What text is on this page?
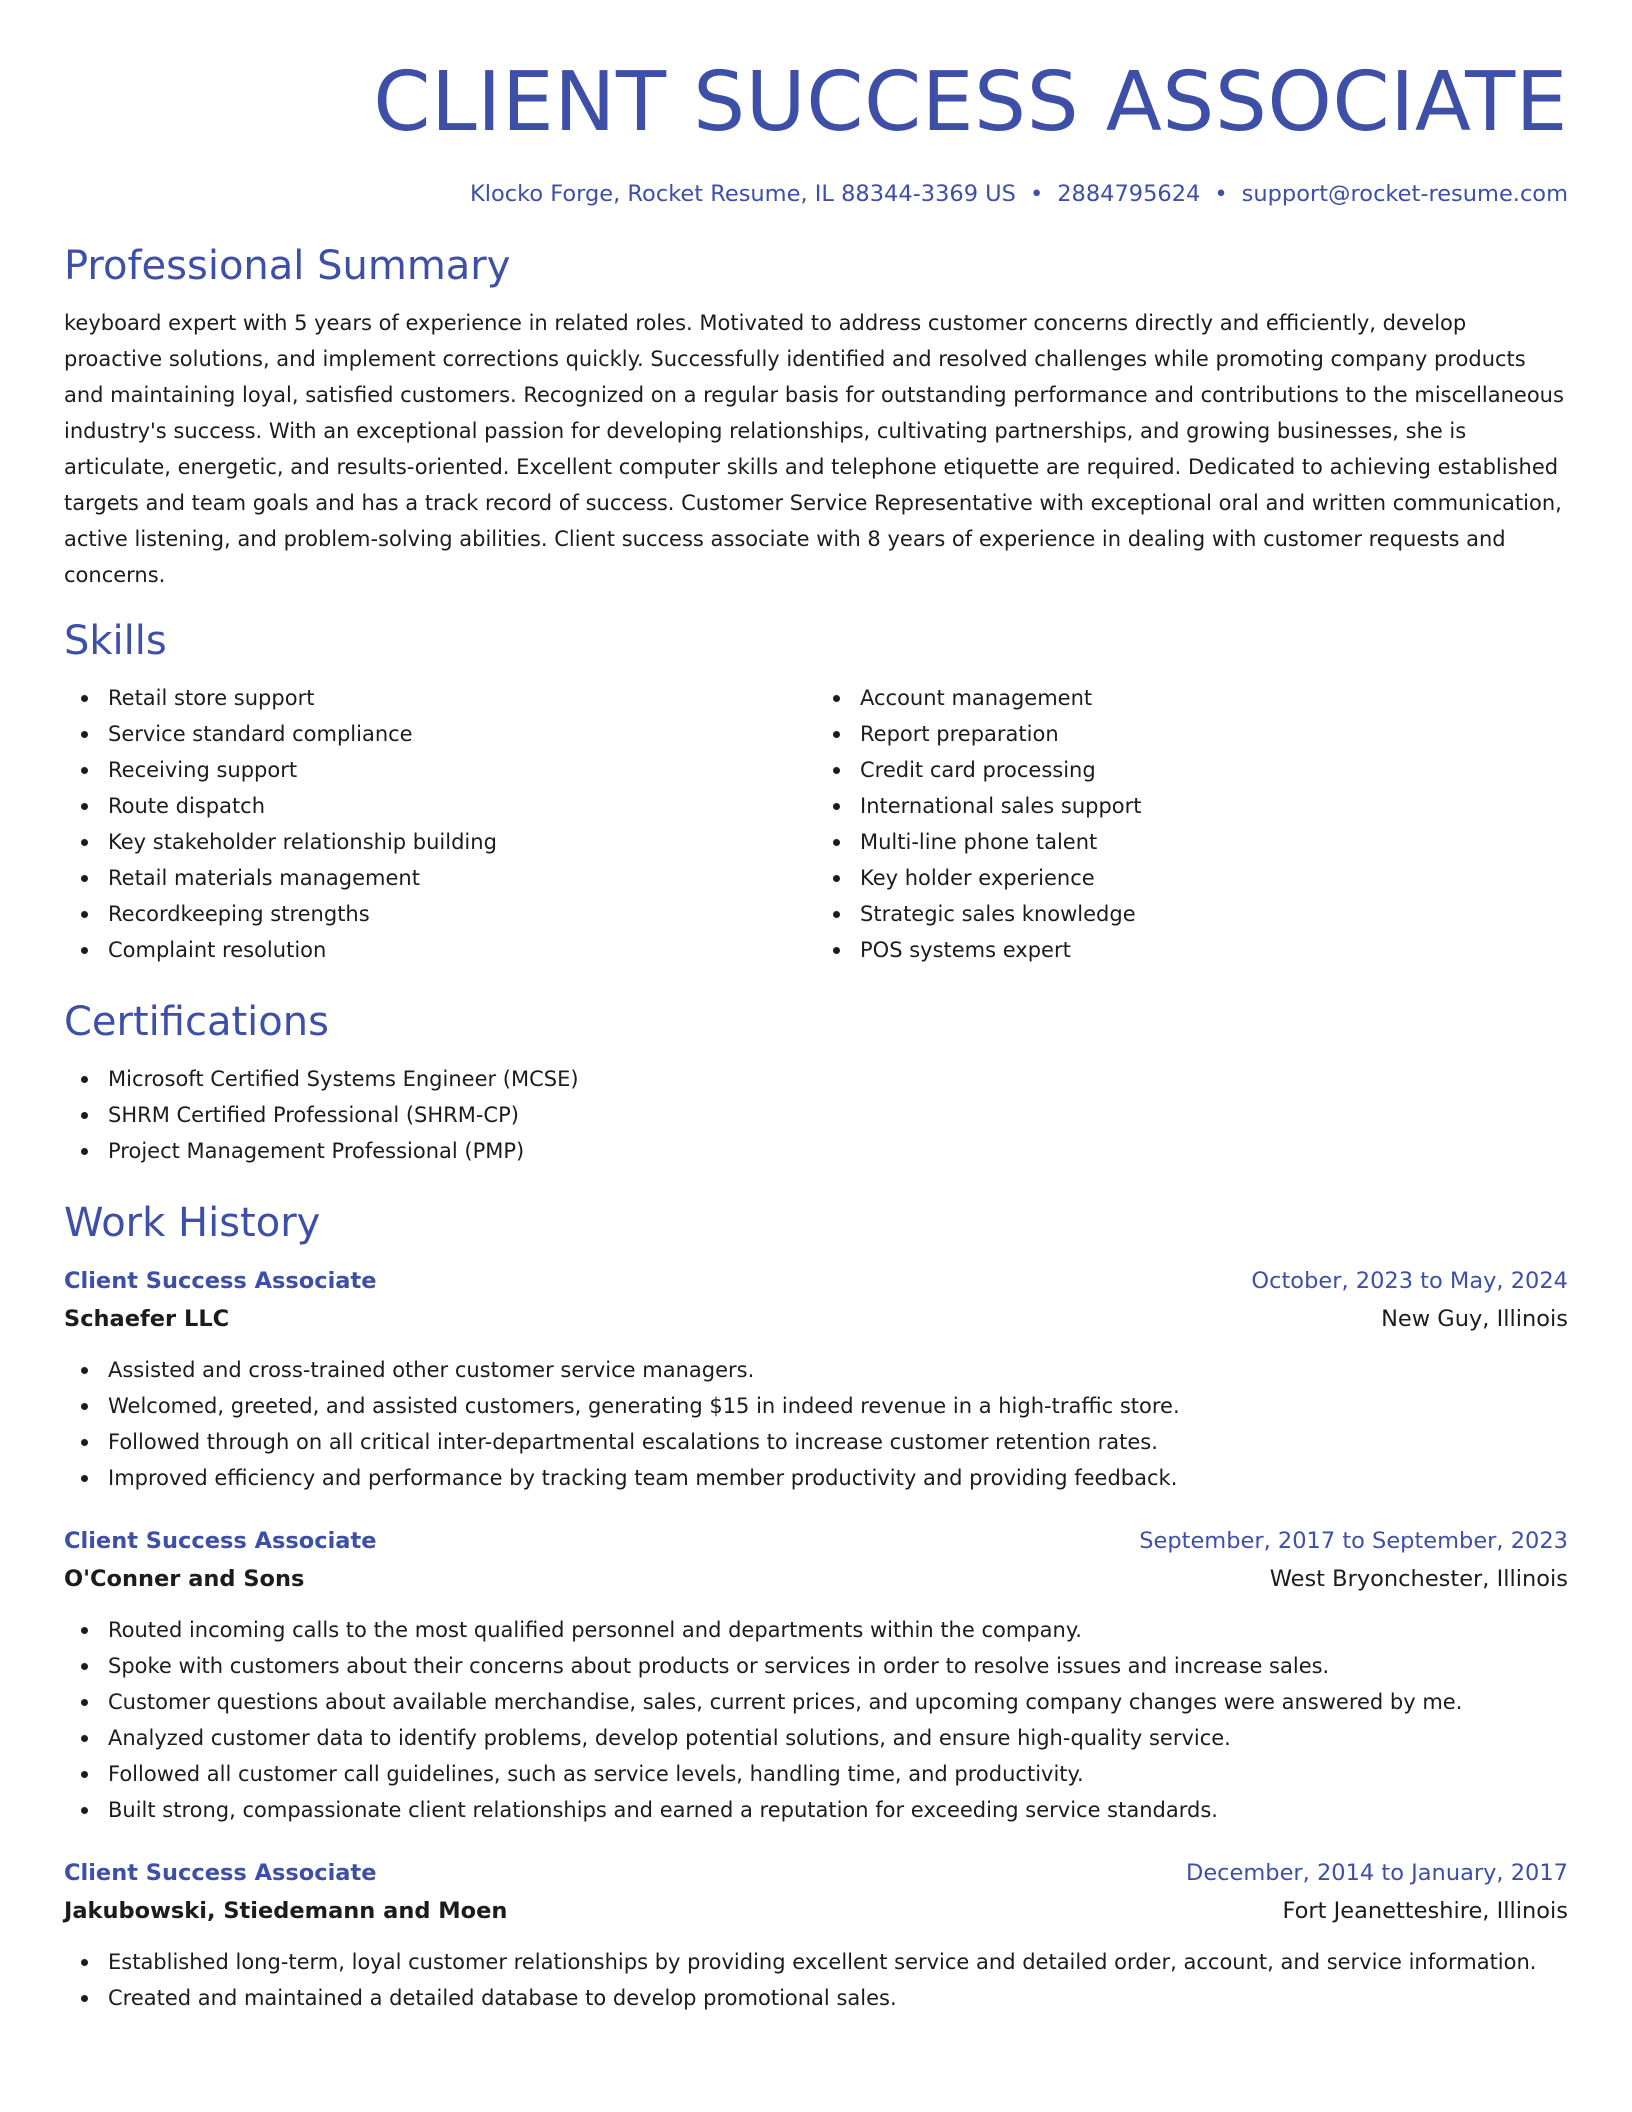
CLIENT SUCCESS ASSOCIATE
Klocko Forge, Rocket Resume, IL 88344-3369 US • 2884795624 • support@rocket-resume.com
Professional Summary

keyboard expert with 5 years of experience in related roles. Motivated to address customer concerns directly and efficiently, develop proactive solutions, and implement corrections quickly. Successfully identified and resolved challenges while promoting company products and maintaining loyal, satisfied customers. Recognized on a regular basis for outstanding performance and contributions to the miscellaneous industry's success. With an exceptional passion for developing relationships, cultivating partnerships, and growing businesses, she is articulate, energetic, and results-oriented. Excellent computer skills and telephone etiquette are required. Dedicated to achieving established targets and team goals and has a track record of success. Customer Service Representative with exceptional oral and written communication, active listening, and problem-solving abilities. Client success associate with 8 years of experience in dealing with customer requests and concerns.

Skills
Retail store support
Service standard compliance
Receiving support
Route dispatch
Key stakeholder relationship building
Retail materials management
Recordkeeping strengths
Complaint resolution
Account management
Report preparation
Credit card processing
International sales support
Multi-line phone talent
Key holder experience
Strategic sales knowledge
POS systems expert
Certifications
Microsoft Certified Systems Engineer (MCSE)
SHRM Certified Professional (SHRM-CP)
Project Management Professional (PMP)
Work History
Client Success Associate	October, 2023 to May, 2024
Schaefer LLC	New Guy, Illinois
Assisted and cross-trained other customer service managers.
Welcomed, greeted, and assisted customers, generating $15 in indeed revenue in a high-traffic store.
Followed through on all critical inter-departmental escalations to increase customer retention rates.
Improved efficiency and performance by tracking team member productivity and providing feedback.
Client Success Associate	September, 2017 to September, 2023
O'Conner and Sons	West Bryonchester, Illinois
Routed incoming calls to the most qualified personnel and departments within the company.
Spoke with customers about their concerns about products or services in order to resolve issues and increase sales.
Customer questions about available merchandise, sales, current prices, and upcoming company changes were answered by me.
Analyzed customer data to identify problems, develop potential solutions, and ensure high-quality service.
Followed all customer call guidelines, such as service levels, handling time, and productivity.
Built strong, compassionate client relationships and earned a reputation for exceeding service standards.
Client Success Associate	December, 2014 to January, 2017
Jakubowski, Stiedemann and Moen	Fort Jeanetteshire, Illinois
Established long-term, loyal customer relationships by providing excellent service and detailed order, account, and service information.
Created and maintained a detailed database to develop promotional sales.
